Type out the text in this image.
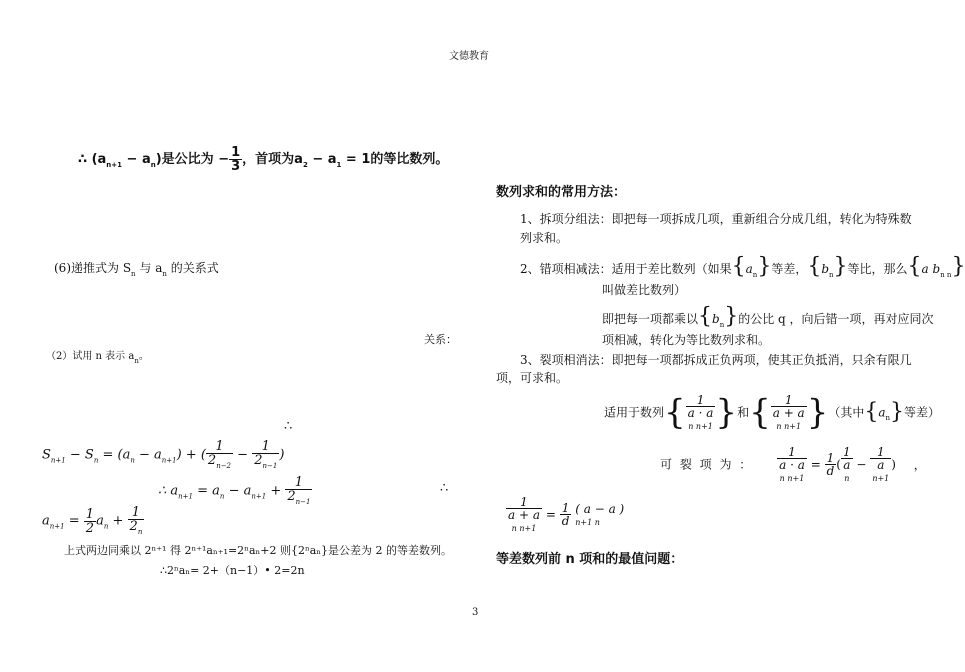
文德教育
∴ $(a_{n+1} - a_n)$是公比为 − $\frac{1}{3}$ ，首项为$a_2 - a_1 = 1$的等比数列。
(6)递推式为 $S_n$ 与 $a_n$ 的关系式
关系：
（2）试用 n 表示 $a_n$。
∴
$S_{n+1} - S_n = (a_n - a_{n+1})$ + ( $\frac{1}{2_{n-2}} - \frac{1}{2_{n-1}}$ )
∴ $a_{n+1} = a_n - a_{n+1} + \frac{1}{2_{n-1}}$	∴
$a_{n+1} = \frac{1}{2} a_n + \frac{1}{2_n}$
上式两边同乘以 2ⁿ⁺¹ 得 2ⁿ⁺¹aₙ₊₁=2ⁿaₙ+2 则{2ⁿaₙ}是公差为 2 的等差数列。
∴2ⁿaₙ= 2+（n−1）• 2=2n
数列求和的常用方法：
1、拆项分组法：即把每一项拆成几项，重新组合分成几组，转化为特殊数
列求和。
2、错项相减法：适用于差比数列（如果$\{a_n\}$等差，$\{b_n\}$等比，那么{a $b_{n n}$}
叫做差比数列）
即把每一项都乘以$\{b_n\}$的公比 q ，向后错一项，再对应同次
项相减，转化为等比数列求和。
3、裂项相消法：即把每一项都拆成正负两项，使其正负抵消，只余有限几
项，可求和。
适用于数列{ 1
a · a
n n+1 }和{	1
a + a
n n+1 }（其中$\{a_n\}$等差）
可 裂 项 为 ：
1
a · a
n n+1
= $\frac{1}{d}$ (
1
a
n
−
1
a
n+1
) ，
1
a + a
n n+1
= $\frac{1}{d}$ ( a − a )
n+1 n
等差数列前 n 项和的最值问题：
3
